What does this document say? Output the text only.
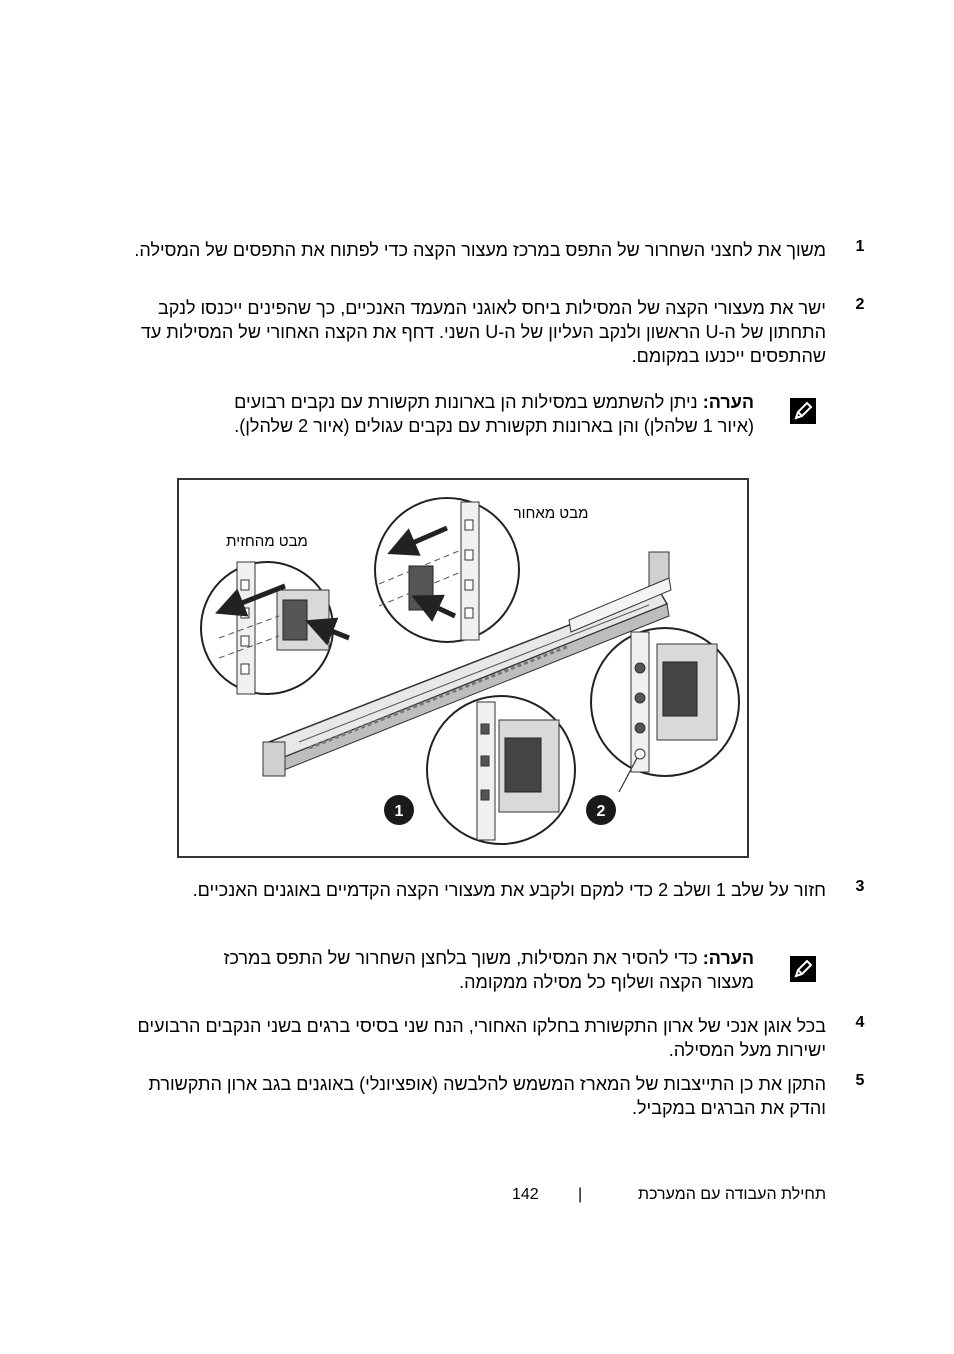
1
משוך את לחצני השחרור של התפס במרכז מעצור הקצה כדי לפתוח את התפסים של המסילה.
2
ישר את מעצורי הקצה של המסילות ביחס לאוגני המעמד האנכיים, כך שהפינים ייכנסו לנקב התחתון של ה-U הראשון ולנקב העליון של ה-U השני. דחף את הקצה האחורי של המסילות עד שהתפסים ייכנעו במקומם.
הערה: ניתן להשתמש במסילות הן בארונות תקשורת עם נקבים רבועים (איור 1 שלהלן) והן בארונות תקשורת עם נקבים עגולים (איור 2 שלהלן).
מבט מהחזית
מבט מאחור
1	2
3
חזור על שלב 1 ושלב 2 כדי למקם ולקבע את מעצורי הקצה הקדמיים באוגנים האנכיים.
הערה: כדי להסיר את המסילות, משוך בלחצן השחרור של התפס במרכז מעצור הקצה ושלוף כל מסילה ממקומה.
4
בכל אוגן אנכי של ארון התקשורת בחלקו האחורי, הנח שני בסיסי ברגים בשני הנקבים הרבועים ישירות מעל המסילה.
5
התקן את כן התייצבות של המארז המשמש להלבשה (אופציונלי) באוגנים בגב ארון התקשורת והדק את הברגים במקביל.
תחילת העבודה עם המערכת
|
142
